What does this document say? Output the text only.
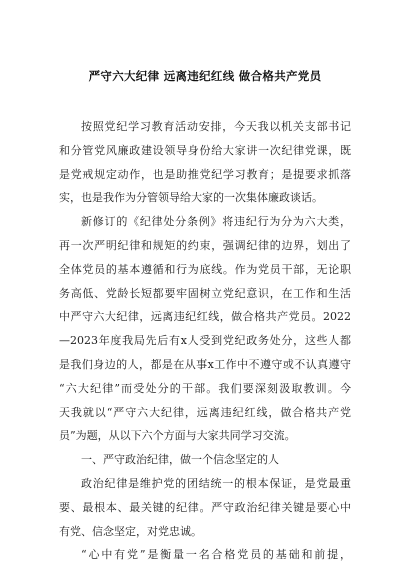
严守六大纪律 远离违纪红线 做合格共产党员
按照党纪学习教育活动安排，今天我以机关支部书记
和分管党风廉政建设领导身份给大家讲一次纪律党课，既
是党戒规定动作，也是助推党纪学习教育；是提要求抓落
实，也是我作为分管领导给大家的一次集体廉政谈话。
新修订的《纪律处分条例》将违纪行为分为六大类，
再一次严明纪律和规矩的约束，强调纪律的边界，划出了
全体党员的基本遵循和行为底线。作为党员干部，无论职
务高低、党龄长短都要牢固树立党纪意识，在工作和生活
中严守六大纪律，远离违纪红线，做合格共产党员。2022
—2023年度我局先后有x人受到党纪政务处分，这些人都
是我们身边的人，都是在从事x工作中不遵守或不认真遵守
“六大纪律”而受处分的干部。我们要深刻汲取教训。今
天我就以“严守六大纪律，远离违纪红线，做合格共产党
员”为题，从以下六个方面与大家共同学习交流。
一、严守政治纪律，做一个信念坚定的人
政治纪律是维护党的团结统一的根本保证，是党最重
要、最根本、最关键的纪律。严守政治纪律关键是要心中
有党、信念坚定，对党忠诚。
“心中有党”是衡量一名合格党员的基础和前提，
